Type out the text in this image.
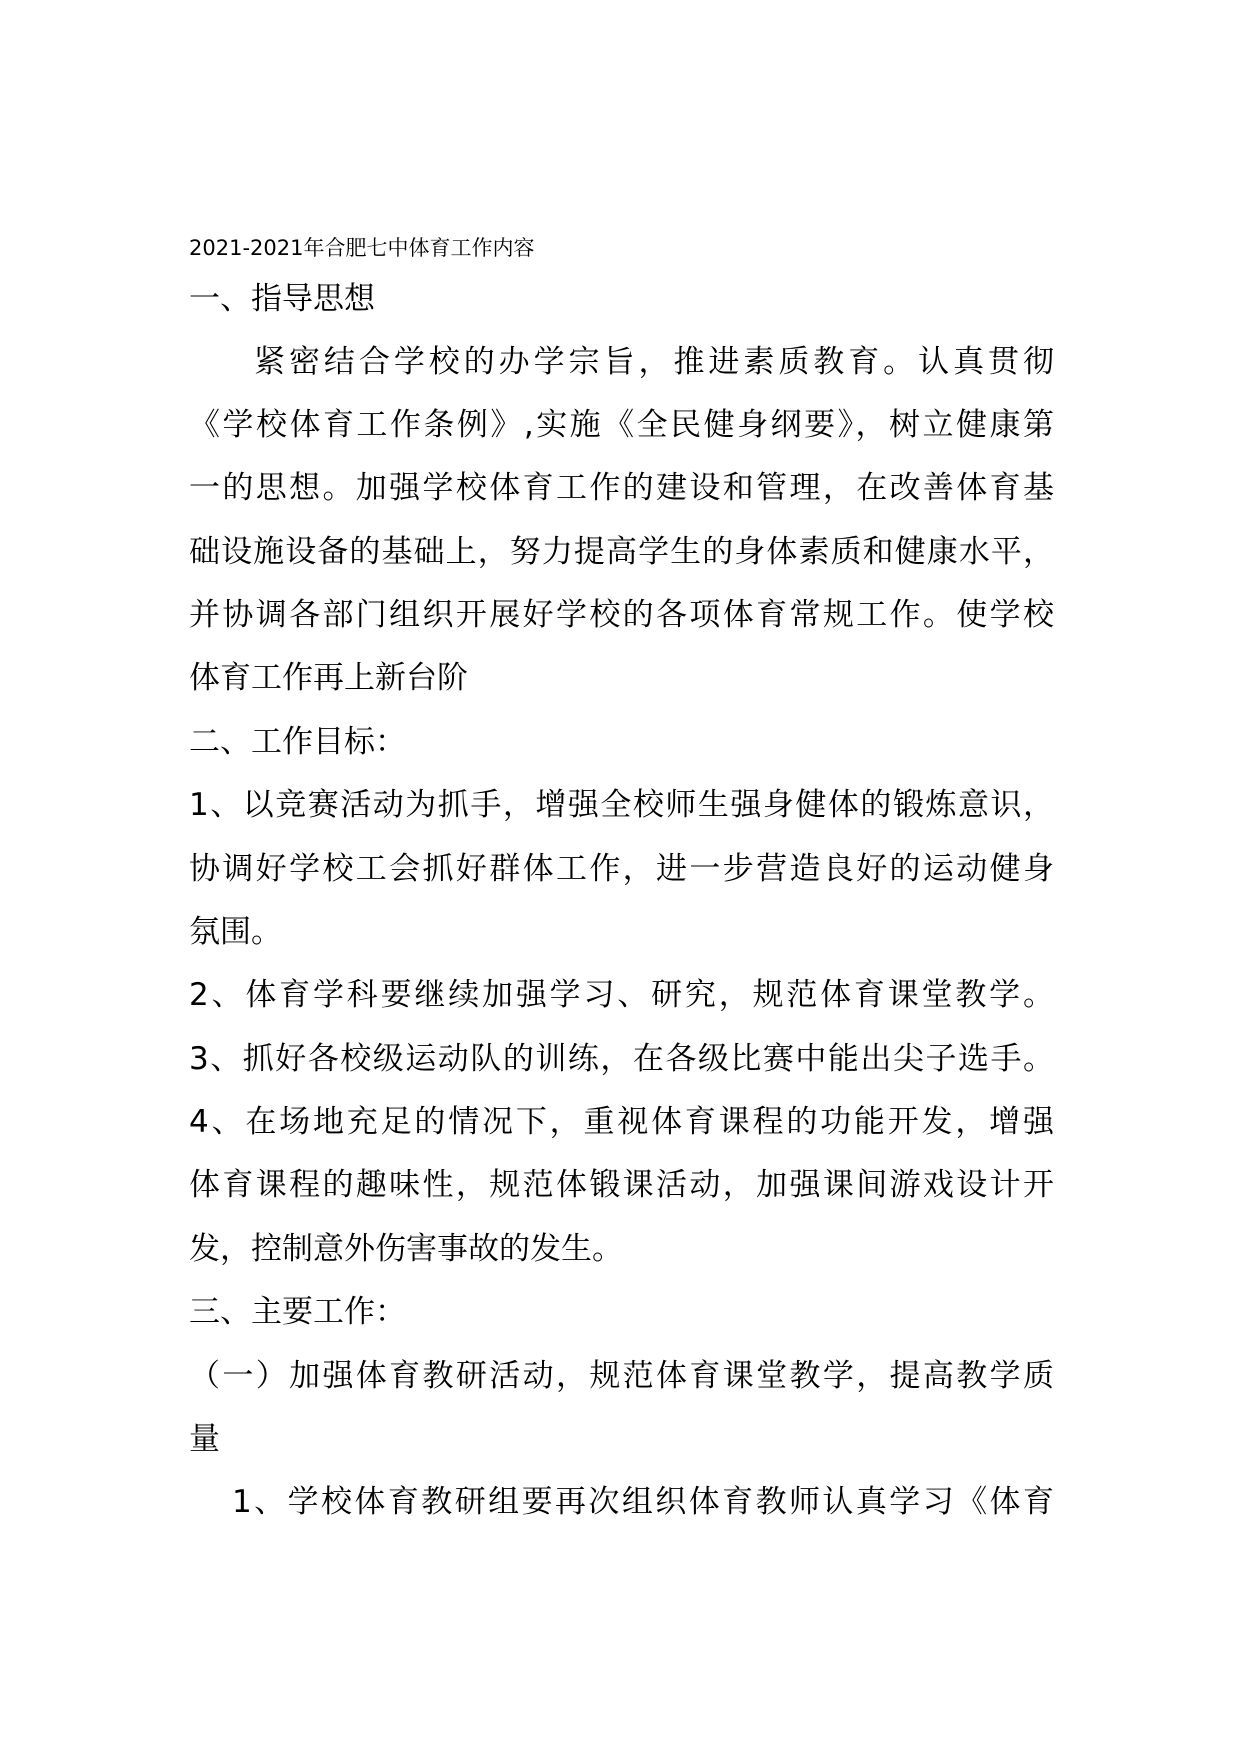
2021-2021年合肥七中体育工作内容
一、指导思想
紧密结合学校的办学宗旨，推进素质教育。认真贯彻
《学校体育工作条例》,实施《全民健身纲要》，树立健康第
一的思想。加强学校体育工作的建设和管理，在改善体育基
础设施设备的基础上，努力提高学生的身体素质和健康水平，
并协调各部门组织开展好学校的各项体育常规工作。使学校
体育工作再上新台阶
二、工作目标：
1、以竞赛活动为抓手，增强全校师生强身健体的锻炼意识，
协调好学校工会抓好群体工作，进一步营造良好的运动健身
氛围。
2、体育学科要继续加强学习、研究，规范体育课堂教学。
3、抓好各校级运动队的训练，在各级比赛中能出尖子选手。
4、在场地充足的情况下，重视体育课程的功能开发，增强
体育课程的趣味性，规范体锻课活动，加强课间游戏设计开
发，控制意外伤害事故的发生。
三、主要工作：
（一）加强体育教研活动，规范体育课堂教学，提高教学质
量
1、学校体育教研组要再次组织体育教师认真学习《体育
